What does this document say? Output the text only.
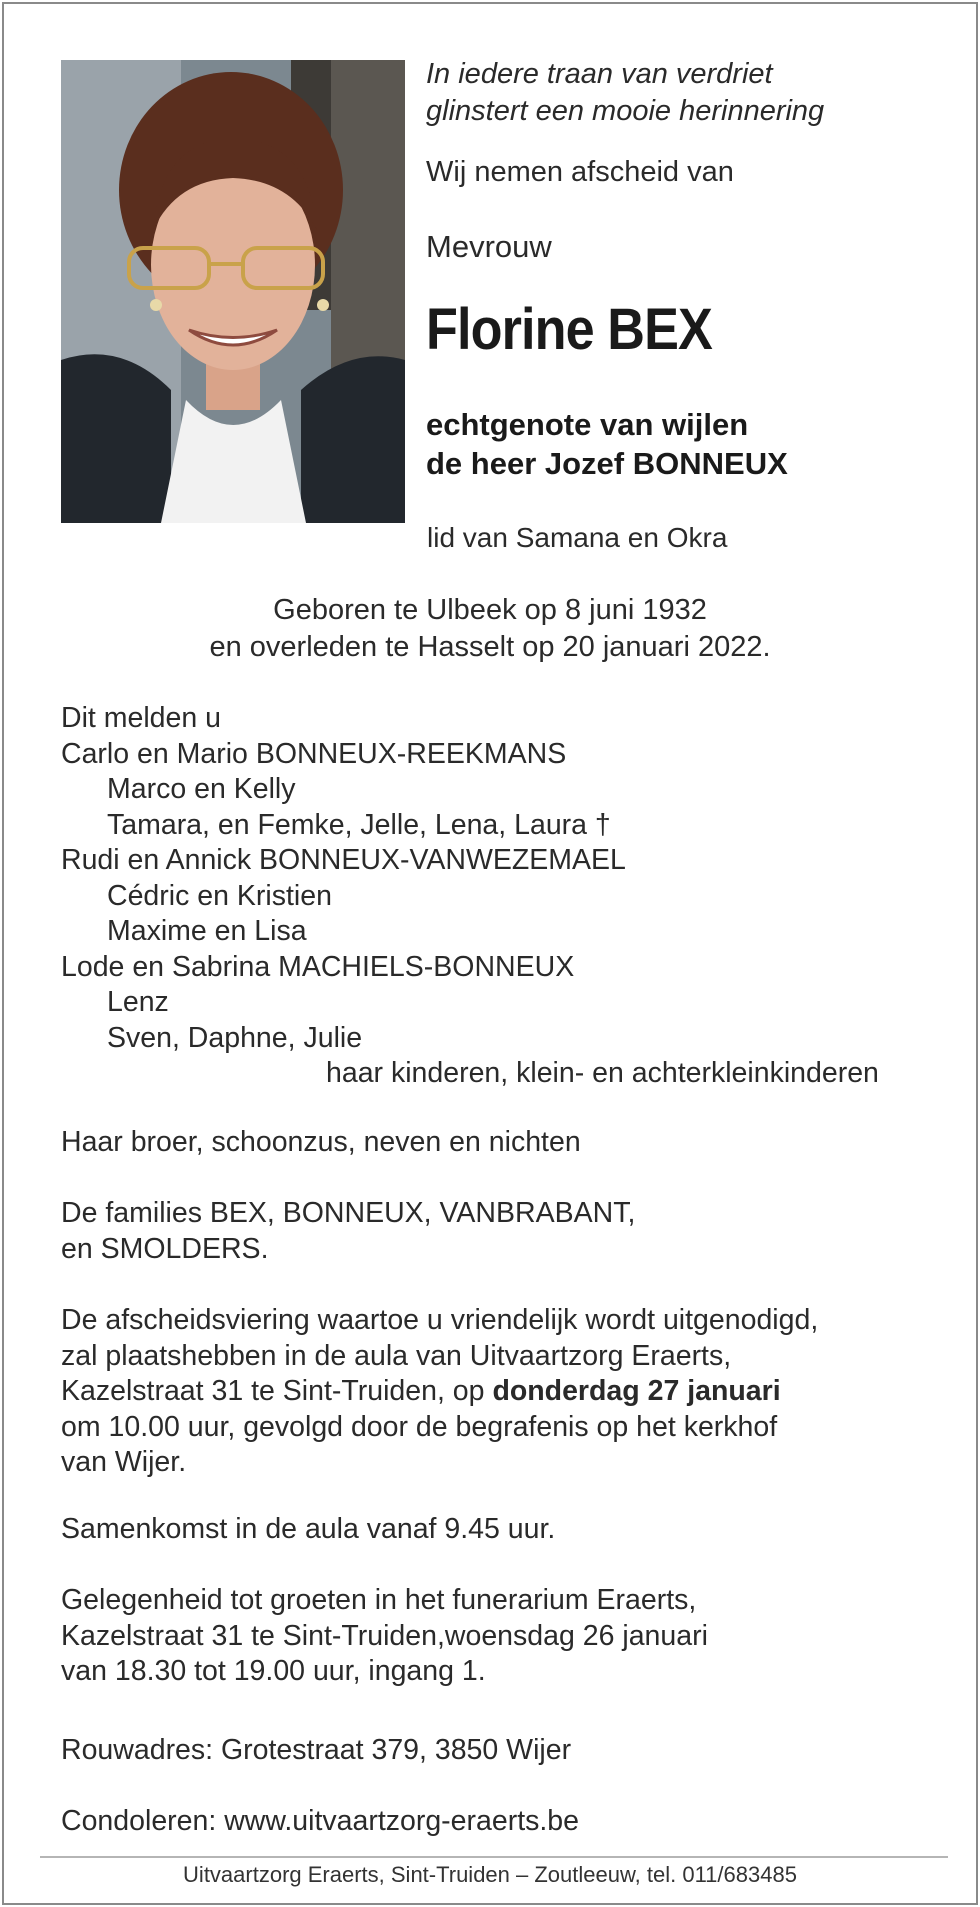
In iedere traan van verdriet
glinstert een mooie herinnering
Wij nemen afscheid van
Mevrouw
Florine BEX
echtgenote van wijlen
de heer Jozef BONNEUX
lid van Samana en Okra
Geboren te Ulbeek op 8 juni 1932
en overleden te Hasselt op 20 januari 2022.
Dit melden u
Carlo en Mario BONNEUX-REEKMANS
Marco en Kelly
Tamara, en Femke, Jelle, Lena, Laura †
Rudi en Annick BONNEUX-VANWEZEMAEL
Cédric en Kristien
Maxime en Lisa
Lode en Sabrina MACHIELS-BONNEUX
Lenz
Sven, Daphne, Julie
haar kinderen, klein- en achterkleinkinderen
Haar broer, schoonzus, neven en nichten
De families BEX, BONNEUX, VANBRABANT,
en SMOLDERS.
De afscheidsviering waartoe u vriendelijk wordt uitgenodigd,
zal plaatshebben in de aula van Uitvaartzorg Eraerts,
Kazelstraat 31 te Sint-Truiden, op donderdag 27 januari
om 10.00 uur, gevolgd door de begrafenis op het kerkhof
van Wijer.
Samenkomst in de aula vanaf 9.45 uur.
Gelegenheid tot groeten in het funerarium Eraerts,
Kazelstraat 31 te Sint-Truiden,woensdag 26 januari
van 18.30 tot 19.00 uur, ingang 1.
Rouwadres: Grotestraat 379, 3850 Wijer
Condoleren: www.uitvaartzorg-eraerts.be
Uitvaartzorg Eraerts, Sint-Truiden – Zoutleeuw, tel. 011/683485
